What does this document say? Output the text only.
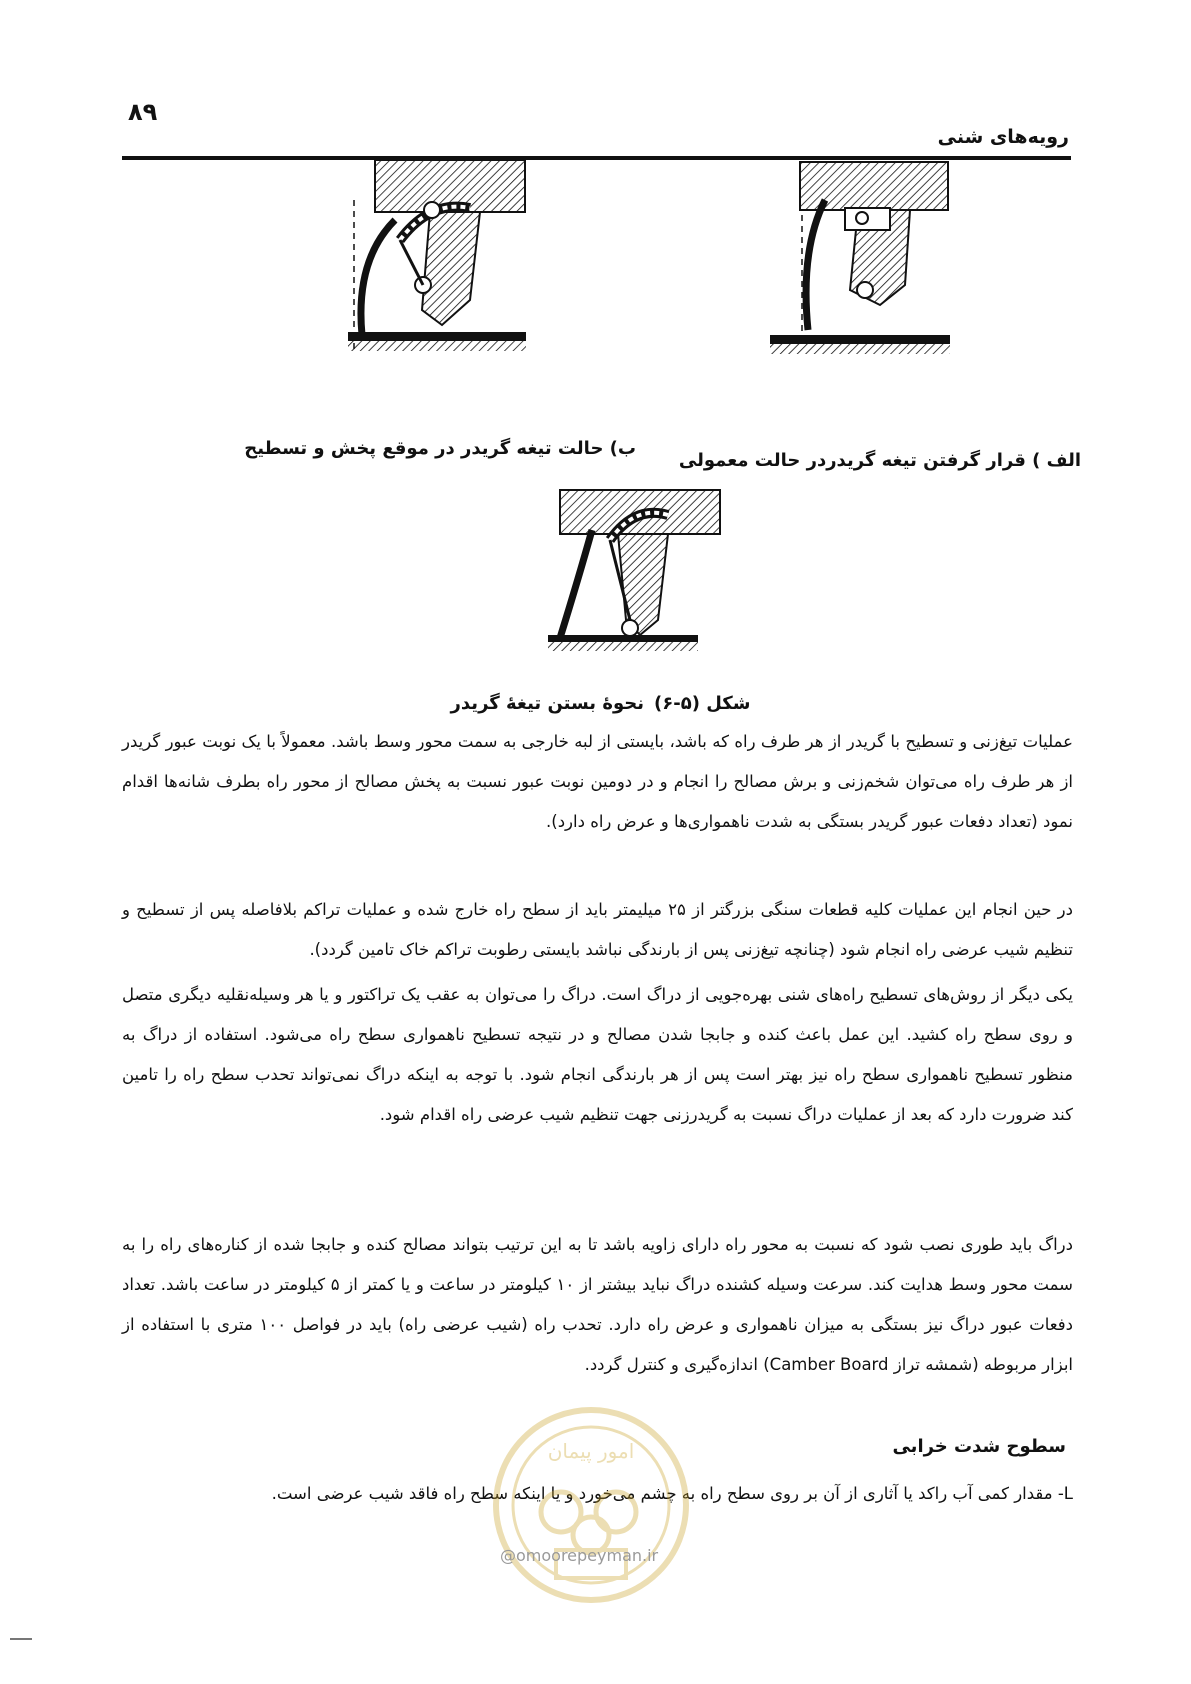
۸۹
رویه‌های شنی
الف ) قرار گرفتن تیغه گریدردر حالت معمولی
ب) حالت تیغه گریدر در موقع پخش و تسطیح
شکل (۵-۶)نحوهٔ بستن تیغهٔ گریدر

عملیات تیغ‌زنی و تسطیح با گریدر از هر طرف راه که باشد، بایستی از لبه خارجی به سمت محور وسط باشد. معمولاً با یک نوبت عبور گریدر از هر طرف راه می‌توان شخم‌زنی و برش مصالح را انجام و در دومین نوبت عبور نسبت به پخش مصالح از محور راه بطرف شانه‌ها اقدام نمود (تعداد دفعات عبور گریدر بستگی به شدت ناهمواری‌ها و عرض راه دارد).

در حین انجام این عملیات کلیه قطعات سنگی بزرگتر از ۲۵ میلیمتر باید از سطح راه خارج شده و عملیات تراکم بلافاصله پس از تسطیح و تنظیم شیب عرضی راه انجام شود (چنانچه تیغ‌زنی پس از بارندگی نباشد بایستی رطوبت تراکم خاک تامین گردد).

یکی دیگر از روش‌های تسطیح راه‌های شنی بهره‌جویی از دراگ است. دراگ را می‌توان به عقب یک تراکتور و یا هر وسیله‌نقلیه دیگری متصل و روی سطح راه کشید. این عمل باعث کنده و جابجا شدن مصالح و در نتیجه تسطیح ناهمواری سطح راه می‌شود. استفاده از دراگ به منظور تسطیح ناهمواری سطح راه نیز بهتر است پس از هر بارندگی انجام شود. با توجه به اینکه دراگ نمی‌تواند تحدب سطح راه را تامین کند ضرورت دارد که بعد از عملیات دراگ نسبت به گریدرزنی جهت تنظیم شیب عرضی راه اقدام شود.

دراگ باید طوری نصب شود که نسبت به محور راه دارای زاویه باشد تا به این ترتیب بتواند مصالح کنده و جابجا شده از کناره‌های راه را به سمت محور وسط هدایت کند. سرعت وسیله کشنده دراگ نباید بیشتر از ۱۰ کیلومتر در ساعت و یا کمتر از ۵ کیلومتر در ساعت باشد. تعداد دفعات عبور دراگ نیز بستگی به میزان ناهمواری و عرض راه دارد. تحدب راه (شیب عرضی راه) باید در فواصل ۱۰۰ متری با استفاده از ابزار مربوطه (شمشه تراز Camber Board) اندازه‌گیری و کنترل گردد.

سطوح شدت خرابی

L- مقدار کمی آب راکد یا آثاری از آن بر روی سطح راه به چشم می‌خورد و یا اینکه سطح راه فاقد شیب عرضی است.

امور پیمان
@omoorepeyman.ir
